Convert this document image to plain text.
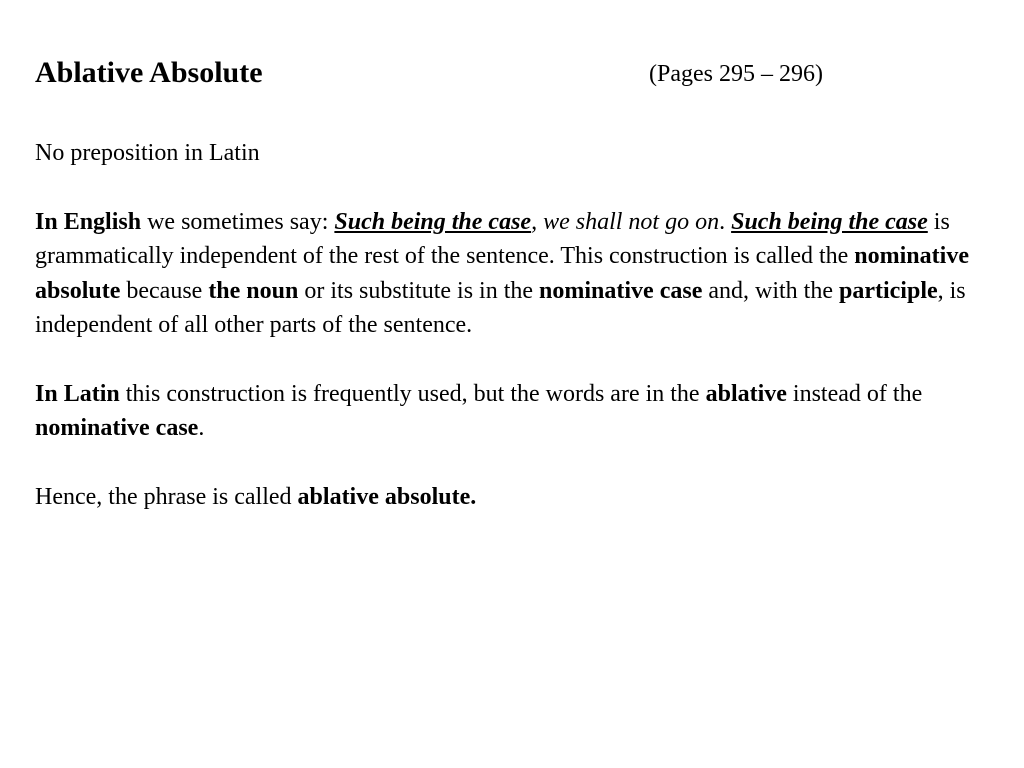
Ablative Absolute	(Pages 295 – 296)

No preposition in Latin

In English we sometimes say: Such being the case, we shall not go on. Such being the case is grammatically independent of the rest of the sentence. This construction is called the nominative absolute because the noun or its substitute is in the nominative case and, with the participle, is independent of all other parts of the sentence.

In Latin this construction is frequently used, but the words are in the ablative instead of the nominative case.

Hence, the phrase is called ablative absolute.
